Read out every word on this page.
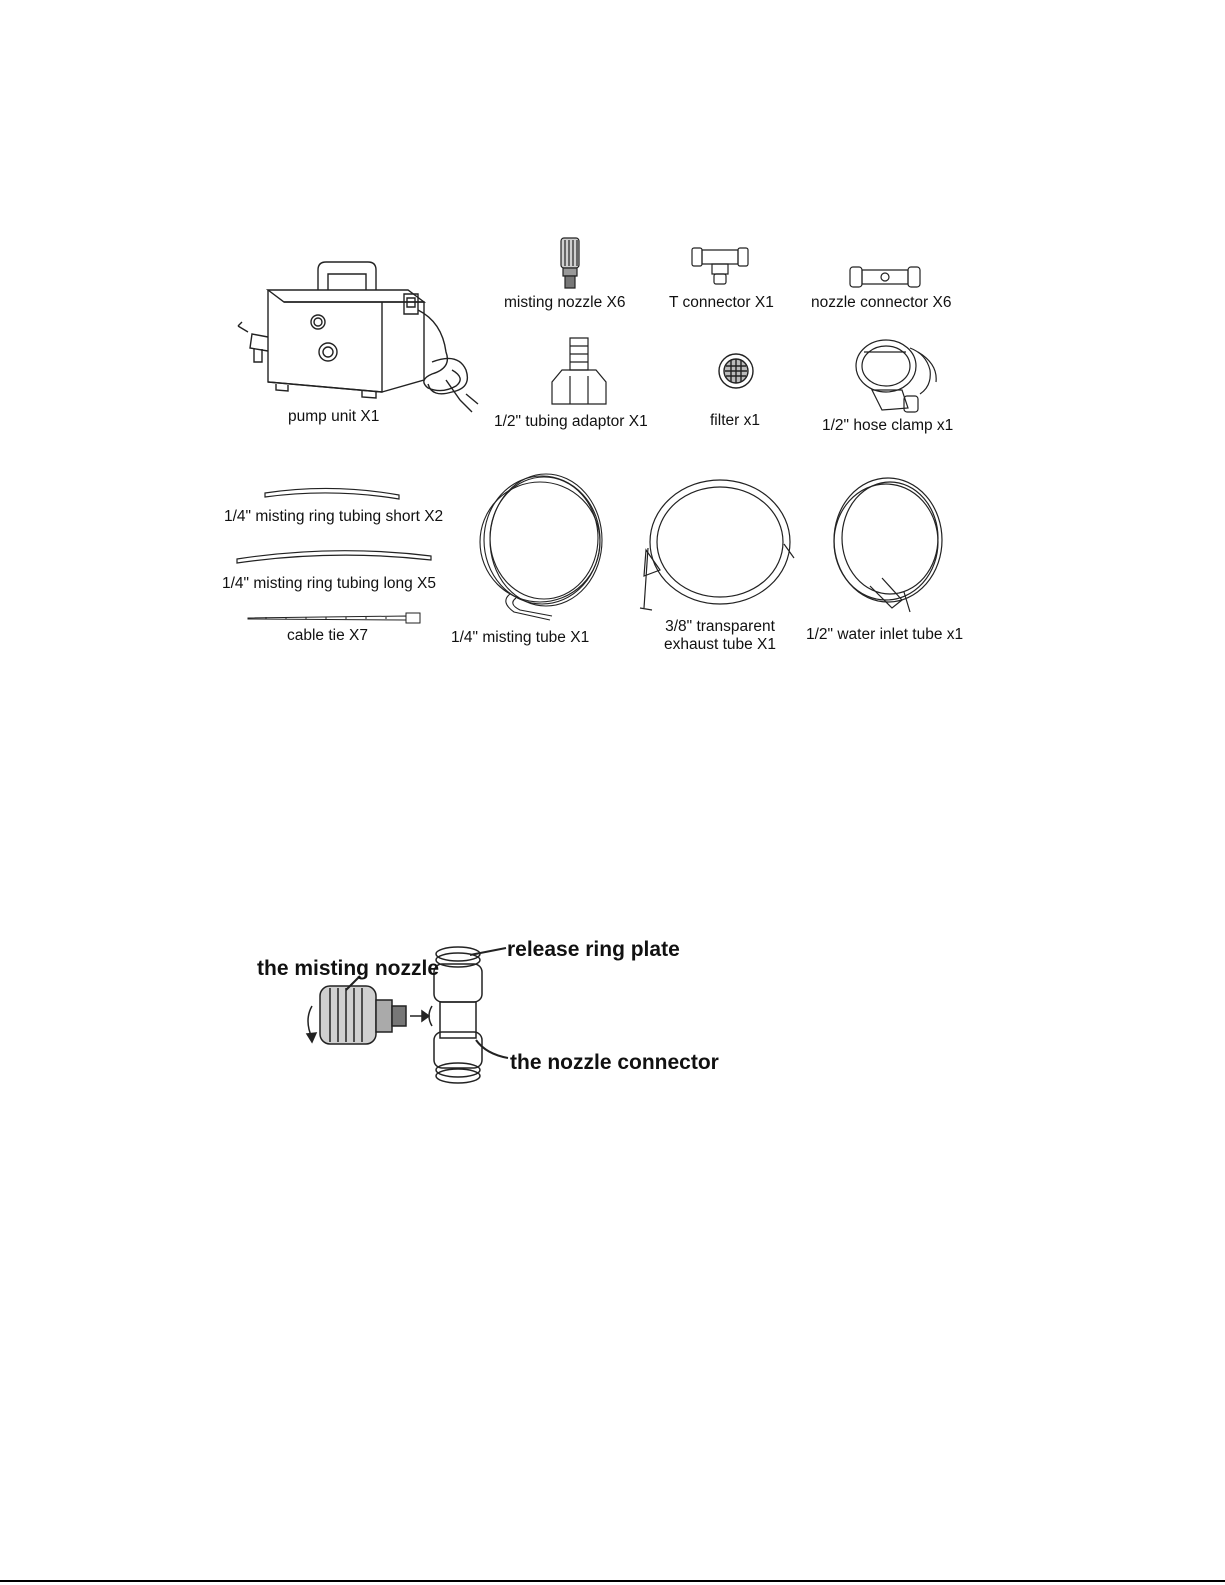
pump unit X1
misting nozzle X6	T connector X1 nozzle connector X6
1/2" tubing adaptor X1	filter x1	1/2" hose clamp x1
1/4" misting ring tubing short X2
1/4" misting ring tubing long X5
cable tie X7	1/4" misting tube X1
3/8" transparent
exhaust tube X1
1/2" water inlet tube x1
release ring plate
the misting nozzle
the nozzle connector
